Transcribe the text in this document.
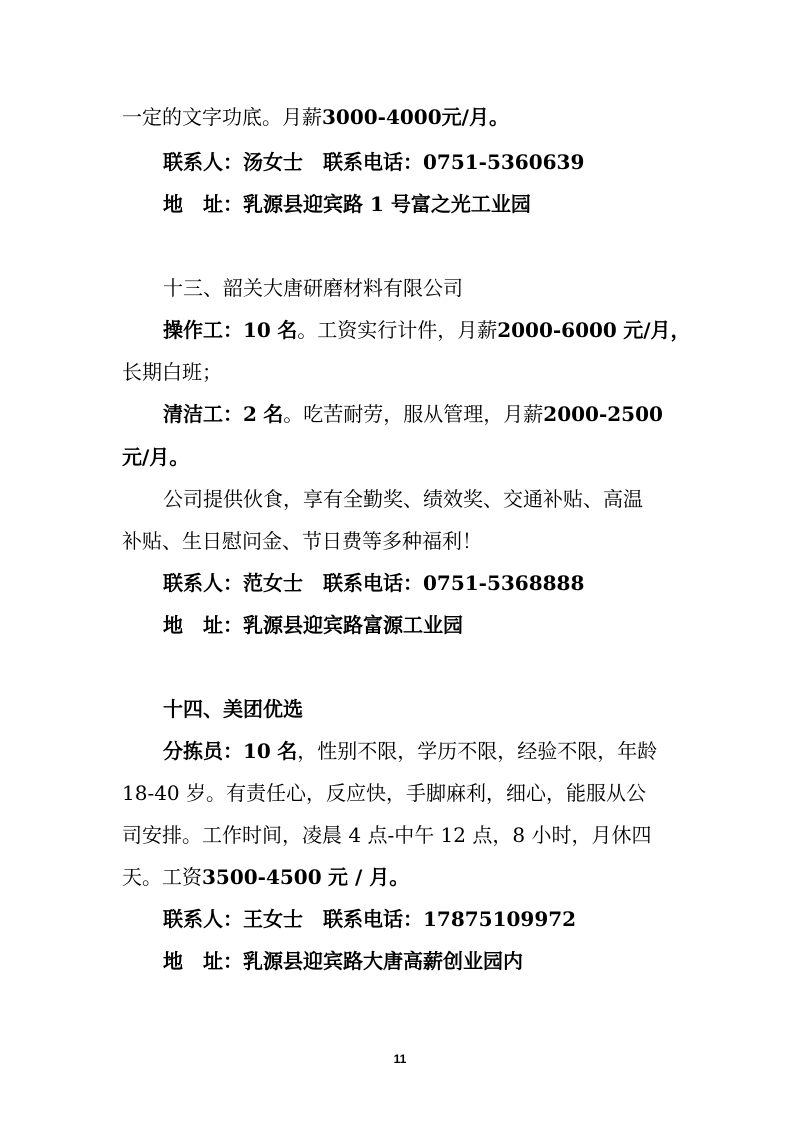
一定的文字功底。月薪3000-4000元/月。
联系人：汤女士　联系电话：0751-5360639
地　址：乳源县迎宾路 1 号富之光工业园
十三、韶关大唐研磨材料有限公司
操作工：10 名。工资实行计件，月薪2000-6000 元/月，
长期白班；
清洁工：2 名。吃苦耐劳，服从管理，月薪2000-2500
元/月。
公司提供伙食，享有全勤奖、绩效奖、交通补贴、高温
补贴、生日慰问金、节日费等多种福利！
联系人：范女士　联系电话：0751-5368888
地　址：乳源县迎宾路富源工业园
十四、美团优选
分拣员：10 名，性别不限，学历不限，经验不限，年龄
18-40 岁。有责任心，反应快，手脚麻利，细心，能服从公
司安排。工作时间，凌晨 4 点-中午 12 点，8 小时，月休四
天。工资3500-4500 元 / 月。
联系人：王女士　联系电话：17875109972
地　址：乳源县迎宾路大唐高薪创业园内
11
